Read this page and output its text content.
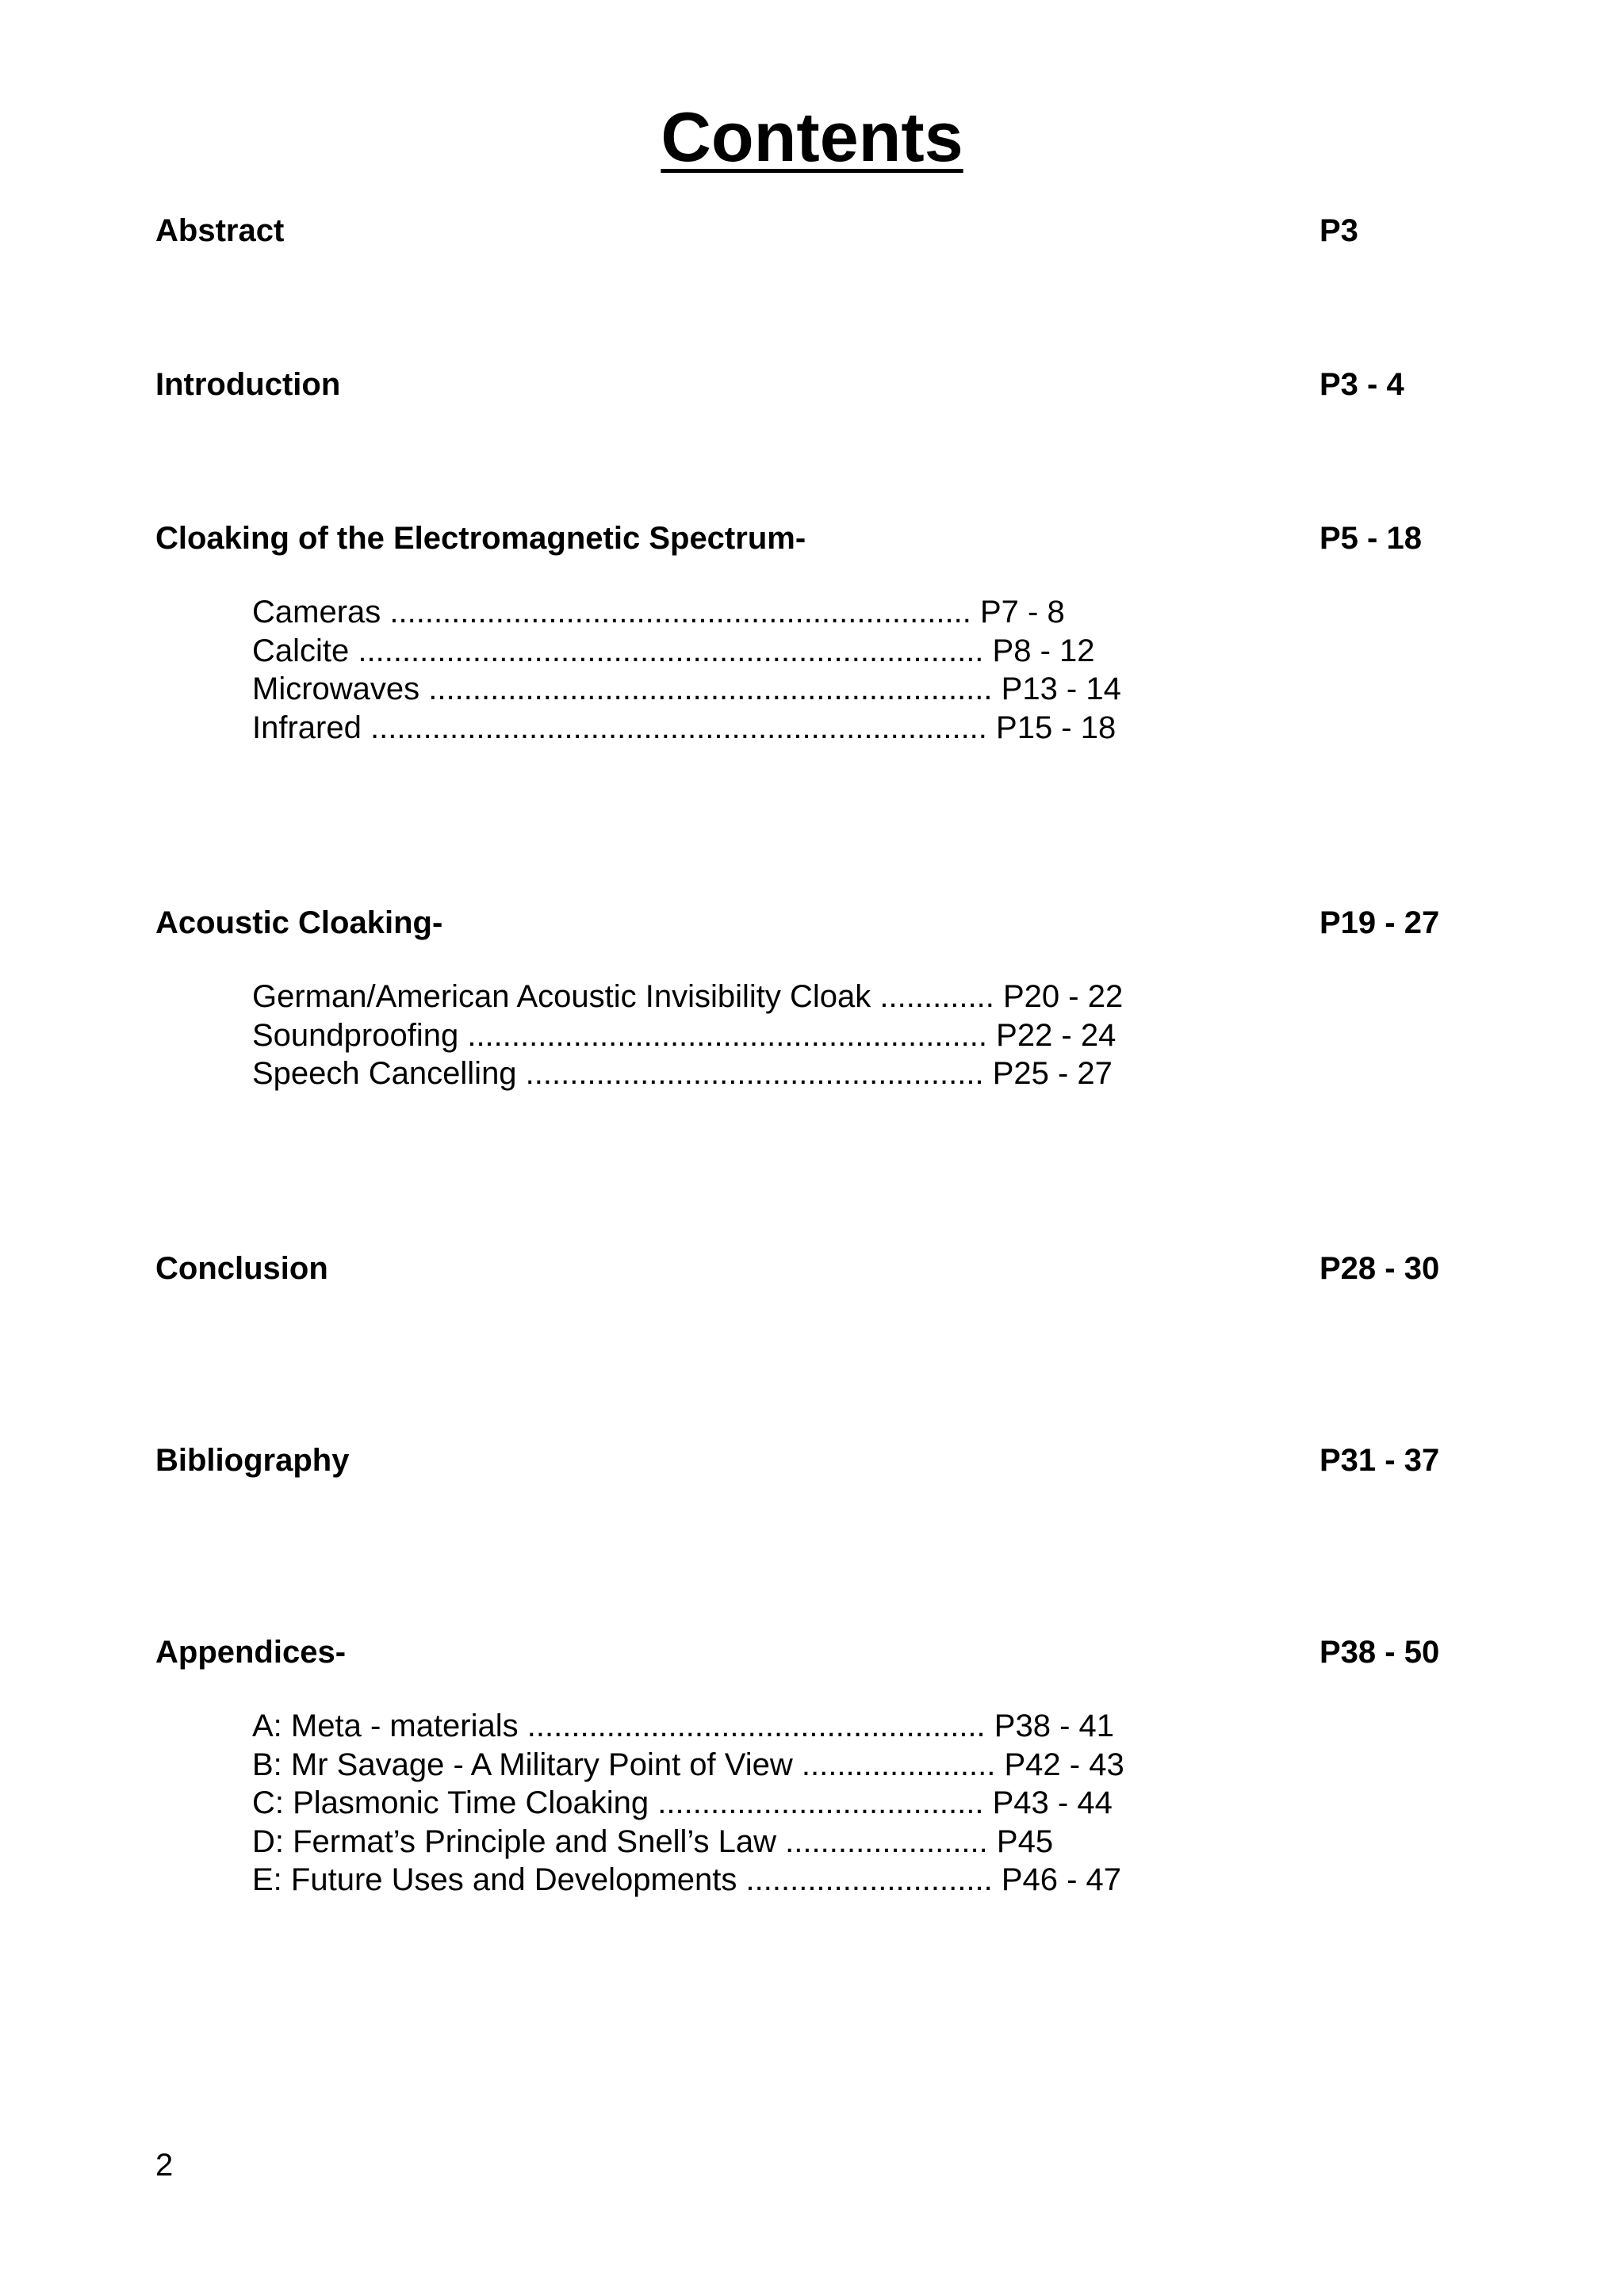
Contents
Abstract	P3
Introduction	P3 - 4
Cloaking of the Electromagnetic Spectrum-	P5 - 18
Cameras .................................................................. P7 - 8
Calcite ....................................................................... P8 - 12
Microwaves ................................................................ P13 - 14
Infrared ...................................................................... P15 - 18
Acoustic Cloaking-	P19 - 27
German/American Acoustic Invisibility Cloak ............. P20 - 22
Soundproofing ........................................................... P22 - 24
Speech Cancelling .................................................... P25 - 27
Conclusion	P28 - 30
Bibliography	P31 - 37
Appendices-	P38 - 50
A: Meta - materials .................................................... P38 - 41
B: Mr Savage - A Military Point of View ...................... P42 - 43
C: Plasmonic Time Cloaking ..................................... P43 - 44
D: Fermat’s Principle and Snell’s Law ....................... P45
E: Future Uses and Developments ............................ P46 - 47
2
